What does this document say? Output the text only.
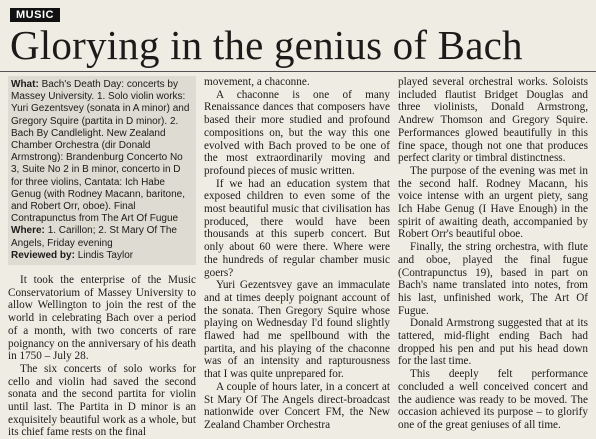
MUSIC
Glorying in the genius of Bach
What: Bach's Death Day: concerts by Massey University. 1. Solo violin works: Yuri Gezentsvey (sonata in A minor) and Gregory Squire (partita in D minor). 2. Bach By Candlelight. New Zealand Chamber Orchestra (dir Donald Armstrong): Brandenburg Concerto No 3, Suite No 2 in B minor, concerto in D for three violins, Cantata: Ich Habe Genug (with Rodney Macann, baritone, and Robert Orr, oboe). Final Contrapunctus from The Art Of Fugue
Where: 1. Carillon; 2. St Mary Of The Angels, Friday evening
Reviewed by: Lindis Taylor

It took the enterprise of the Music Conservatorium of Massey University to allow Wellington to join the rest of the world in celebrating Bach over a period of a month, with two concerts of rare poignancy on the anniversary of his death in 1750 – July 28.

The six concerts of solo works for cello and violin had saved the second sonata and the second partita for violin until last. The Partita in D minor is an exquisitely beautiful work as a whole, but its chief fame rests on the final

movement, a chaconne.

A chaconne is one of many Renaissance dances that composers have based their more studied and profound compositions on, but the way this one evolved with Bach proved to be one of the most extraordinarily moving and profound pieces of music written.

If we had an education system that exposed children to even some of the most beautiful music that civilisation has produced, there would have been thousands at this superb concert. But only about 60 were there. Where were the hundreds of regular chamber music goers?

Yuri Gezentsvey gave an immaculate and at times deeply poignant account of the sonata. Then Gregory Squire whose playing on Wednesday I'd found slightly flawed had me spellbound with the partita, and his playing of the chaconne was of an intensity and rapturousness that I was quite unprepared for.

A couple of hours later, in a concert at St Mary Of The Angels direct-broadcast nationwide over Concert FM, the New Zealand Chamber Orchestra

played several orchestral works. Soloists included flautist Bridget Douglas and three violinists, Donald Armstrong, Andrew Thomson and Gregory Squire. Performances glowed beautifully in this fine space, though not one that produces perfect clarity or timbral distinctness.

The purpose of the evening was met in the second half. Rodney Macann, his voice intense with an urgent piety, sang Ich Habe Genug (I Have Enough) in the spirit of awaiting death, accompanied by Robert Orr's beautiful oboe.

Finally, the string orchestra, with flute and oboe, played the final fugue (Contrapunctus 19), based in part on Bach's name translated into notes, from his last, unfinished work, The Art Of Fugue.

Donald Armstrong suggested that at its tattered, mid-flight ending Bach had dropped his pen and put his head down for the last time.

This deeply felt performance concluded a well conceived concert and the audience was ready to be moved. The occasion achieved its purpose – to glorify one of the great geniuses of all time.
